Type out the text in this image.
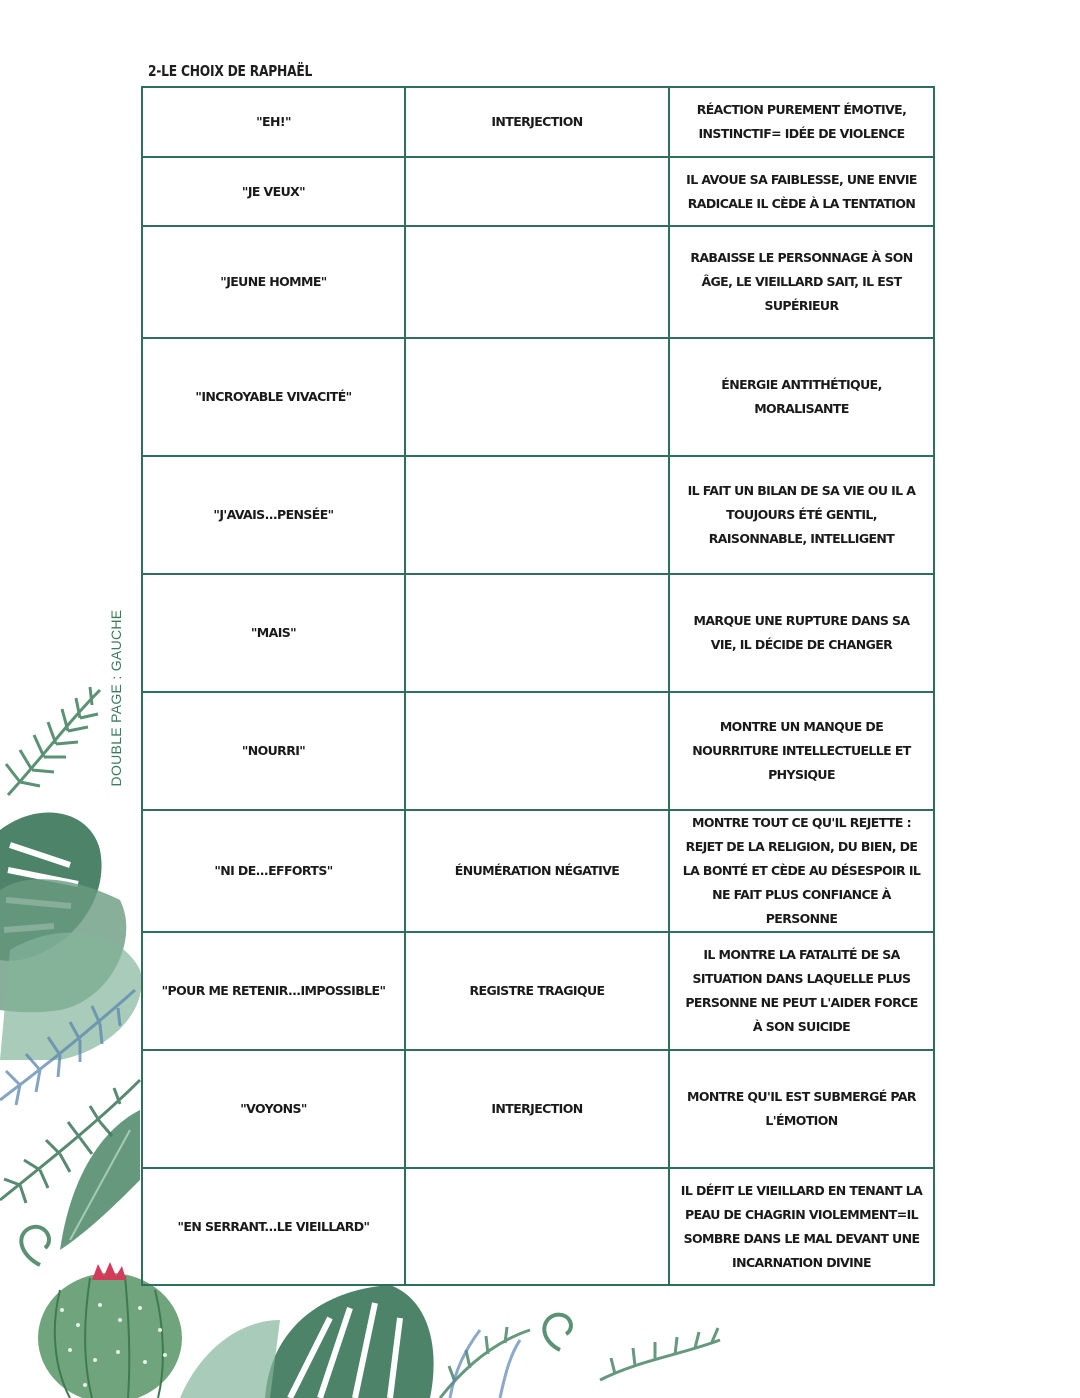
2-LE CHOIX DE RAPHAËL
DOUBLE PAGE : GAUCHE
"EH!"	INTERJECTION	RÉACTION PUREMENT ÉMOTIVE, INSTINCTIF= IDÉE DE VIOLENCE
"JE VEUX"		IL AVOUE SA FAIBLESSE, UNE ENVIE RADICALE IL CÈDE À LA TENTATION
"JEUNE HOMME"		RABAISSE LE PERSONNAGE À SON ÂGE, LE VIEILLARD SAIT, IL EST SUPÉRIEUR
"INCROYABLE VIVACITÉ"		ÉNERGIE ANTITHÉTIQUE, MORALISANTE
"J'AVAIS...PENSÉE"		IL FAIT UN BILAN DE SA VIE OU IL A TOUJOURS ÉTÉ GENTIL, RAISONNABLE, INTELLIGENT
"MAIS"		MARQUE UNE RUPTURE DANS SA VIE, IL DÉCIDE DE CHANGER
"NOURRI"		MONTRE UN MANQUE DE NOURRITURE INTELLECTUELLE ET PHYSIQUE
"NI DE...EFFORTS"	ÉNUMÉRATION NÉGATIVE	MONTRE TOUT CE QU'IL REJETTE : REJET DE LA RELIGION, DU BIEN, DE LA BONTÉ ET CÈDE AU DÉSESPOIR IL NE FAIT PLUS CONFIANCE À PERSONNE
"POUR ME RETENIR...IMPOSSIBLE"	REGISTRE TRAGIQUE	IL MONTRE LA FATALITÉ DE SA SITUATION DANS LAQUELLE PLUS PERSONNE NE PEUT L'AIDER FORCE À SON SUICIDE
"VOYONS"	INTERJECTION	MONTRE QU'IL EST SUBMERGÉ PAR L'ÉMOTION
"EN SERRANT...LE VIEILLARD"		IL DÉFIT LE VIEILLARD EN TENANT LA PEAU DE CHAGRIN VIOLEMMENT=IL SOMBRE DANS LE MAL DEVANT UNE INCARNATION DIVINE
